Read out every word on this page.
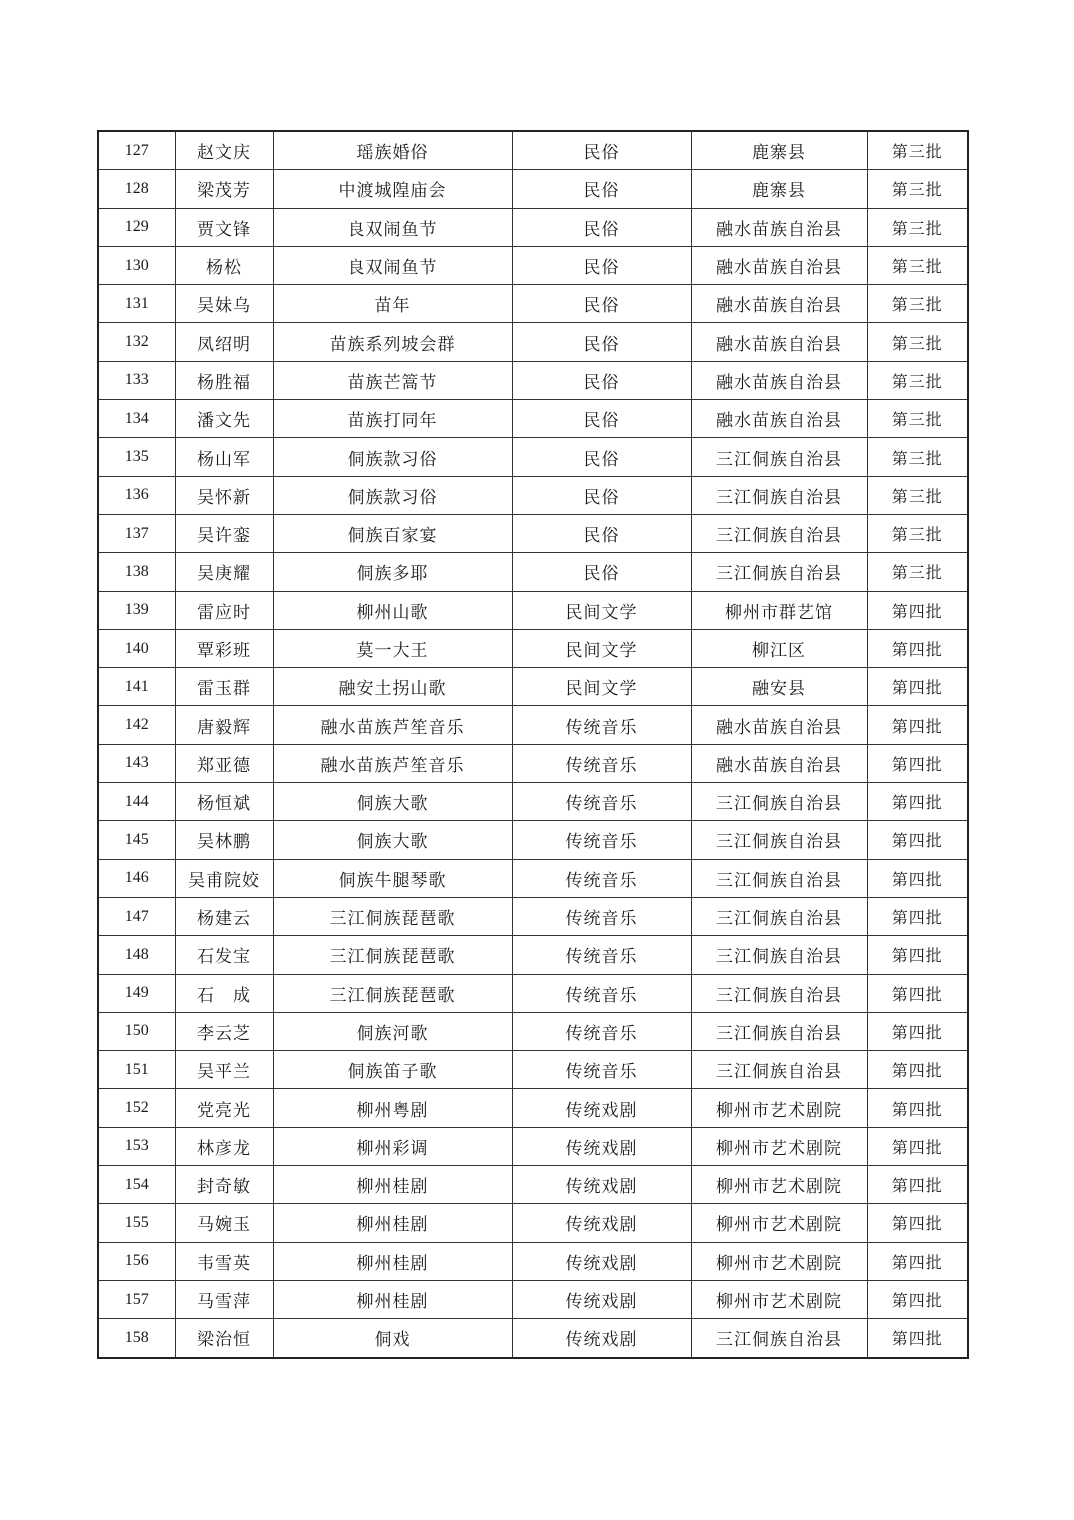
127	赵文庆	瑶族婚俗	民俗	鹿寨县	第三批
128	梁茂芳	中渡城隍庙会	民俗	鹿寨县	第三批
129	贾文锋	良双闹鱼节	民俗	融水苗族自治县	第三批
130	杨松	良双闹鱼节	民俗	融水苗族自治县	第三批
131	吴妹乌	苗年	民俗	融水苗族自治县	第三批
132	凤绍明	苗族系列坡会群	民俗	融水苗族自治县	第三批
133	杨胜福	苗族芒篙节	民俗	融水苗族自治县	第三批
134	潘文先	苗族打同年	民俗	融水苗族自治县	第三批
135	杨山军	侗族款习俗	民俗	三江侗族自治县	第三批
136	吴怀新	侗族款习俗	民俗	三江侗族自治县	第三批
137	吴许銮	侗族百家宴	民俗	三江侗族自治县	第三批
138	吴庚耀	侗族多耶	民俗	三江侗族自治县	第三批
139	雷应时	柳州山歌	民间文学	柳州市群艺馆	第四批
140	覃彩班	莫一大王	民间文学	柳江区	第四批
141	雷玉群	融安土拐山歌	民间文学	融安县	第四批
142	唐毅辉	融水苗族芦笙音乐	传统音乐	融水苗族自治县	第四批
143	郑亚德	融水苗族芦笙音乐	传统音乐	融水苗族自治县	第四批
144	杨恒斌	侗族大歌	传统音乐	三江侗族自治县	第四批
145	吴林鹏	侗族大歌	传统音乐	三江侗族自治县	第四批
146	吴甫院姣	侗族牛腿琴歌	传统音乐	三江侗族自治县	第四批
147	杨建云	三江侗族琵琶歌	传统音乐	三江侗族自治县	第四批
148	石发宝	三江侗族琵琶歌	传统音乐	三江侗族自治县	第四批
149	石　成	三江侗族琵琶歌	传统音乐	三江侗族自治县	第四批
150	李云芝	侗族河歌	传统音乐	三江侗族自治县	第四批
151	吴平兰	侗族笛子歌	传统音乐	三江侗族自治县	第四批
152	党亮光	柳州粤剧	传统戏剧	柳州市艺术剧院	第四批
153	林彦龙	柳州彩调	传统戏剧	柳州市艺术剧院	第四批
154	封奇敏	柳州桂剧	传统戏剧	柳州市艺术剧院	第四批
155	马婉玉	柳州桂剧	传统戏剧	柳州市艺术剧院	第四批
156	韦雪英	柳州桂剧	传统戏剧	柳州市艺术剧院	第四批
157	马雪萍	柳州桂剧	传统戏剧	柳州市艺术剧院	第四批
158	梁治恒	侗戏	传统戏剧	三江侗族自治县	第四批
